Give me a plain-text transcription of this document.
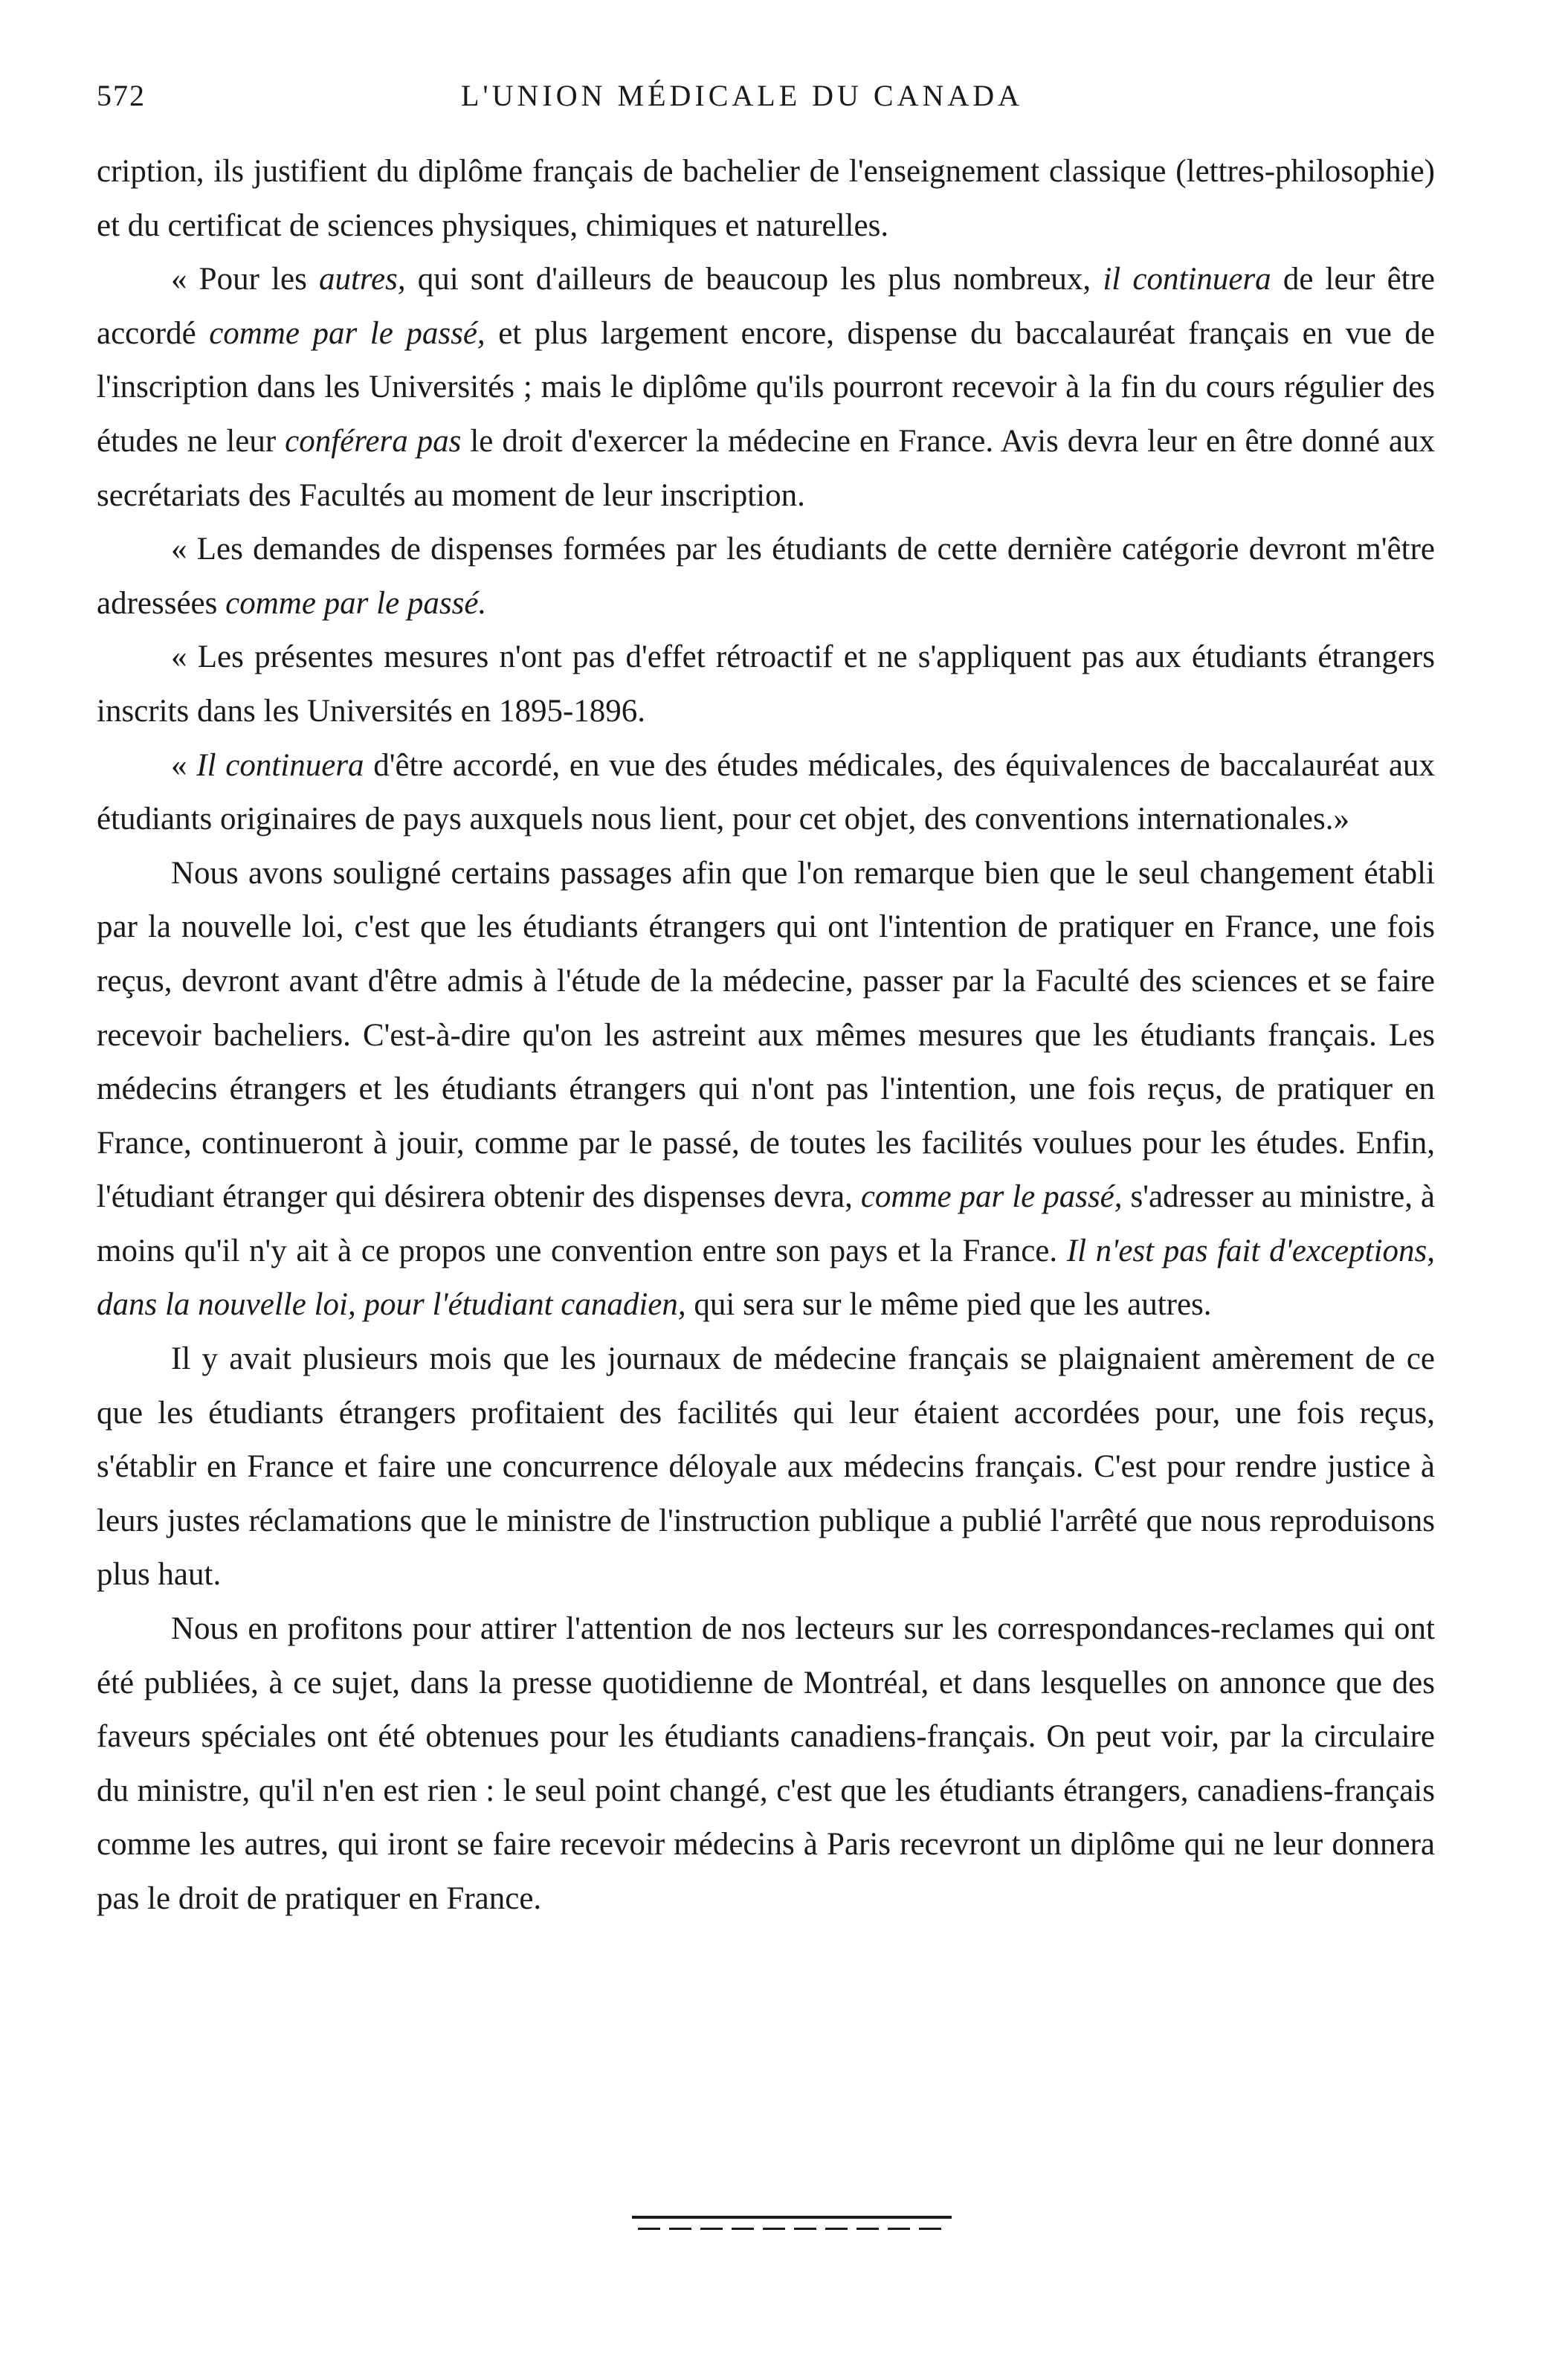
572	L'UNION MÉDICALE DU CANADA

cription, ils justifient du diplôme français de bachelier de l'enseignement classique (lettres-philosophie) et du certificat de sciences physiques, chimiques et naturelles.

« Pour les autres, qui sont d'ailleurs de beaucoup les plus nombreux, il continuera de leur être accordé comme par le passé, et plus largement encore, dispense du baccalauréat français en vue de l'inscription dans les Universités ; mais le diplôme qu'ils pourront recevoir à la fin du cours régulier des études ne leur conférera pas le droit d'exercer la médecine en France. Avis devra leur en être donné aux secrétariats des Facultés au moment de leur inscription.

« Les demandes de dispenses formées par les étudiants de cette dernière catégorie devront m'être adressées comme par le passé.

« Les présentes mesures n'ont pas d'effet rétroactif et ne s'appliquent pas aux étudiants étrangers inscrits dans les Universités en 1895-1896.

« Il continuera d'être accordé, en vue des études médicales, des équivalences de baccalauréat aux étudiants originaires de pays auxquels nous lient, pour cet objet, des conventions internationales.»

Nous avons souligné certains passages afin que l'on remarque bien que le seul changement établi par la nouvelle loi, c'est que les étudiants étrangers qui ont l'intention de pratiquer en France, une fois reçus, devront avant d'être admis à l'étude de la médecine, passer par la Faculté des sciences et se faire recevoir bacheliers. C'est-à-dire qu'on les astreint aux mêmes mesures que les étudiants français. Les médecins étrangers et les étudiants étrangers qui n'ont pas l'intention, une fois reçus, de pratiquer en France, continueront à jouir, comme par le passé, de toutes les facilités voulues pour les études. Enfin, l'étudiant étranger qui désirera obtenir des dispenses devra, comme par le passé, s'adresser au ministre, à moins qu'il n'y ait à ce propos une convention entre son pays et la France. Il n'est pas fait d'exceptions, dans la nouvelle loi, pour l'étudiant canadien, qui sera sur le même pied que les autres.

Il y avait plusieurs mois que les journaux de médecine français se plaignaient amèrement de ce que les étudiants étrangers profitaient des facilités qui leur étaient accordées pour, une fois reçus, s'établir en France et faire une concurrence déloyale aux médecins français. C'est pour rendre justice à leurs justes réclamations que le ministre de l'instruction publique a publié l'arrêté que nous reproduisons plus haut.

Nous en profitons pour attirer l'attention de nos lecteurs sur les correspondances-reclames qui ont été publiées, à ce sujet, dans la presse quotidienne de Montréal, et dans lesquelles on annonce que des faveurs spéciales ont été obtenues pour les étudiants canadiens-français. On peut voir, par la circulaire du ministre, qu'il n'en est rien : le seul point changé, c'est que les étudiants étrangers, canadiens-français comme les autres, qui iront se faire recevoir médecins à Paris recevront un diplôme qui ne leur donnera pas le droit de pratiquer en France.
